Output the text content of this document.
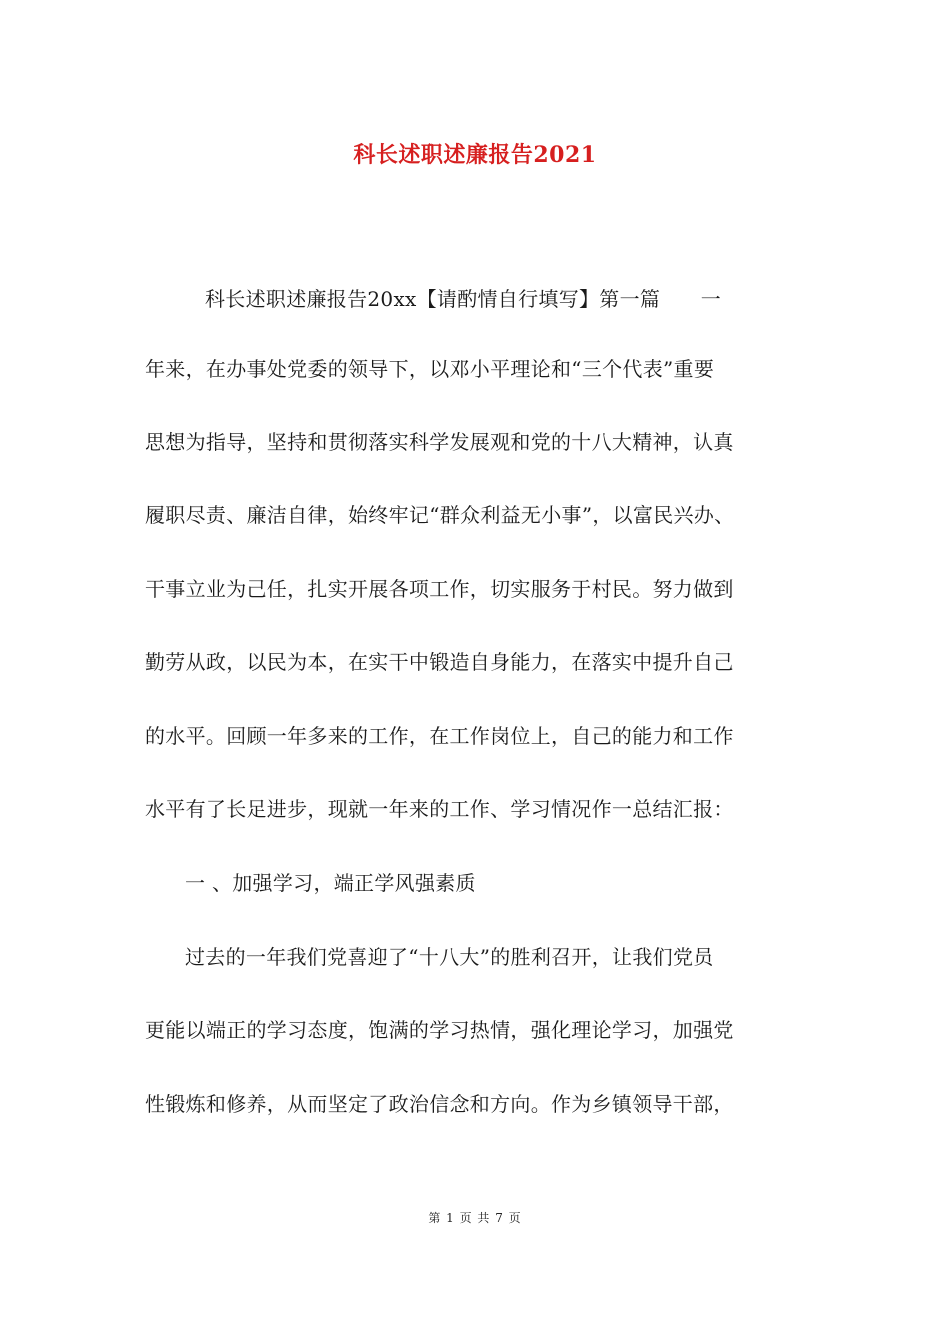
科长述职述廉报告2021
科长述职述廉报告20xx【请酌情自行填写】第一篇　　一
年来，在办事处党委的领导下，以邓小平理论和“三个代表”重要
思想为指导，坚持和贯彻落实科学发展观和党的十八大精神，认真
履职尽责、廉洁自律，始终牢记“群众利益无小事”，以富民兴办、
干事立业为己任，扎实开展各项工作，切实服务于村民。努力做到
勤劳从政，以民为本，在实干中锻造自身能力，在落实中提升自己
的水平。回顾一年多来的工作，在工作岗位上，自己的能力和工作
水平有了长足进步，现就一年来的工作、学习情况作一总结汇报：
一 、加强学习，端正学风强素质
过去的一年我们党喜迎了“十八大”的胜利召开，让我们党员
更能以端正的学习态度，饱满的学习热情，强化理论学习，加强党
性锻炼和修养，从而坚定了政治信念和方向。作为乡镇领导干部，
第 1 页 共 7 页
